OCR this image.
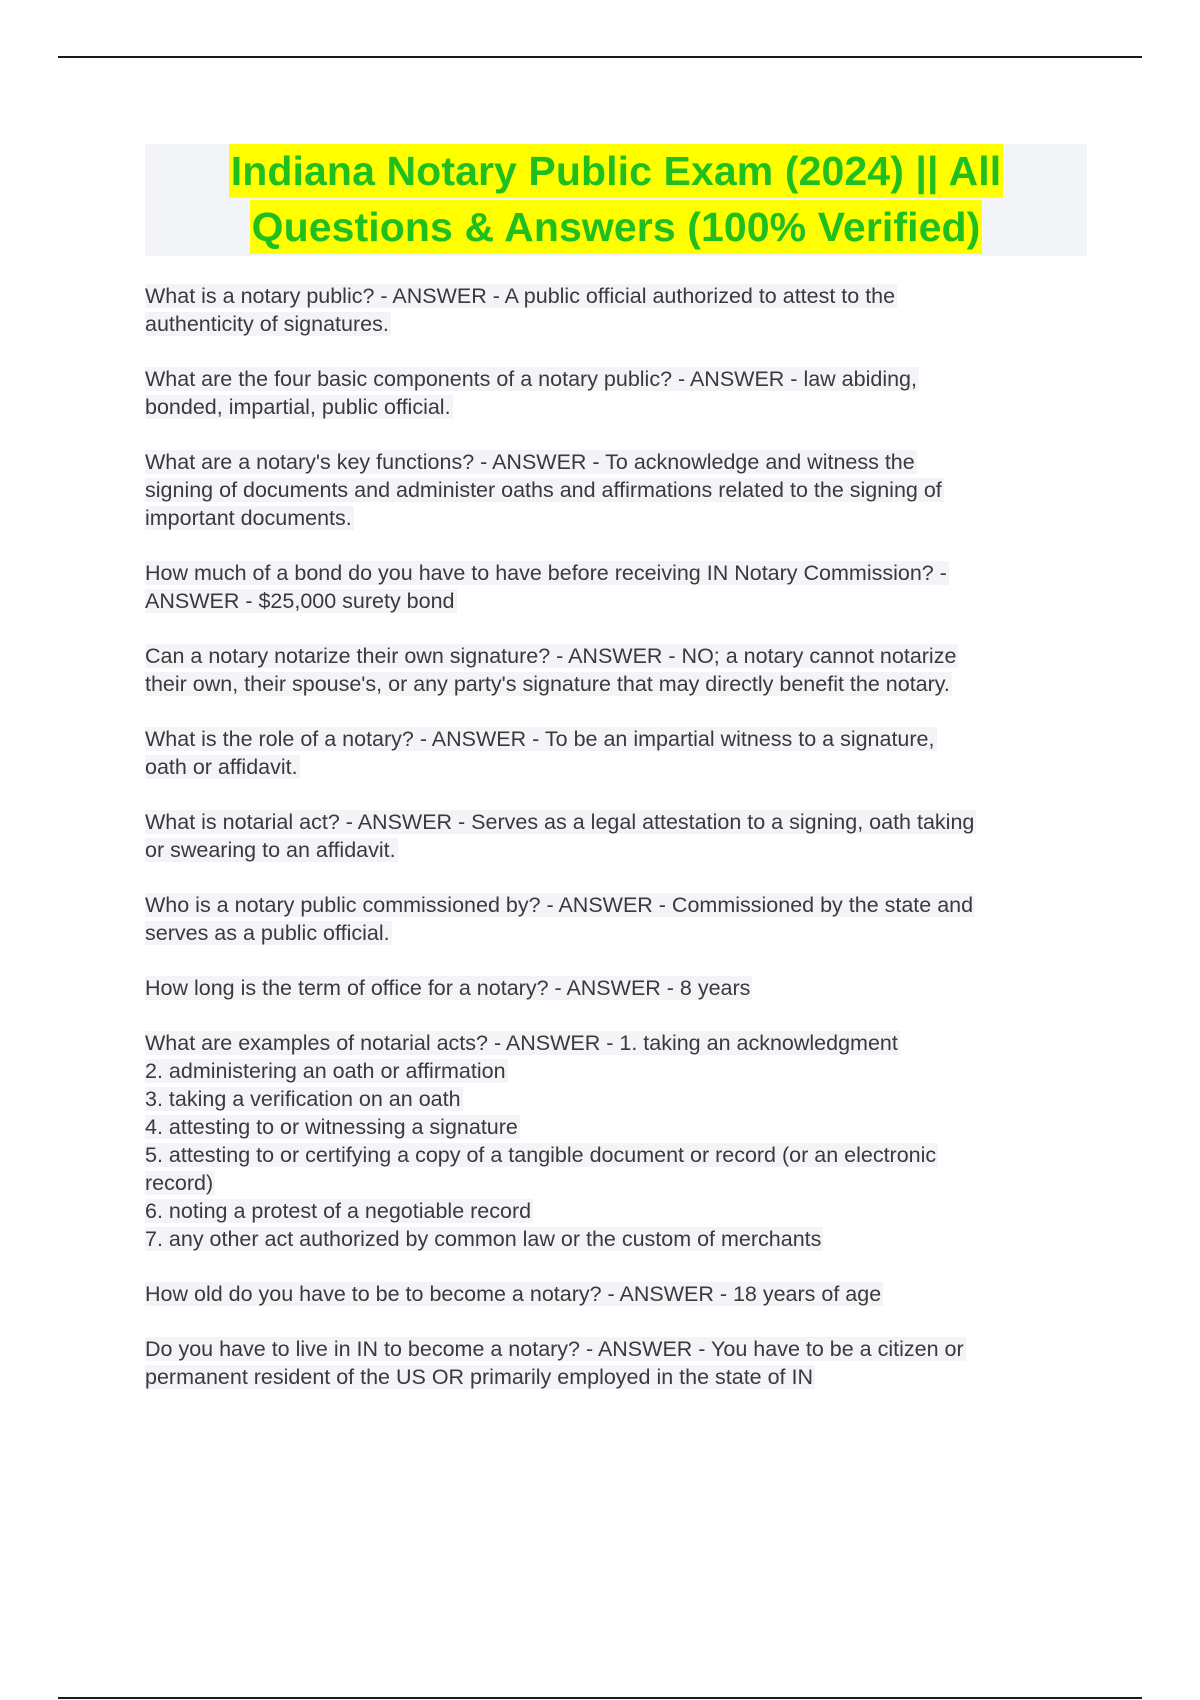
Indiana Notary Public Exam (2024) || All
Questions & Answers (100% Verified)
What is a notary public? - ANSWER - A public official authorized to attest to the
authenticity of signatures.
What are the four basic components of a notary public? - ANSWER - law abiding,
bonded, impartial, public official.
What are a notary's key functions? - ANSWER - To acknowledge and witness the
signing of documents and administer oaths and affirmations related to the signing of
important documents.
How much of a bond do you have to have before receiving IN Notary Commission? -
ANSWER - $25,000 surety bond
Can a notary notarize their own signature? - ANSWER - NO; a notary cannot notarize
their own, their spouse's, or any party's signature that may directly benefit the notary.
What is the role of a notary? - ANSWER - To be an impartial witness to a signature,
oath or affidavit.
What is notarial act? - ANSWER - Serves as a legal attestation to a signing, oath taking
or swearing to an affidavit.
Who is a notary public commissioned by? - ANSWER - Commissioned by the state and
serves as a public official.
How long is the term of office for a notary? - ANSWER - 8 years
What are examples of notarial acts? - ANSWER - 1. taking an acknowledgment
2. administering an oath or affirmation
3. taking a verification on an oath
4. attesting to or witnessing a signature
5. attesting to or certifying a copy of a tangible document or record (or an electronic
record)
6. noting a protest of a negotiable record
7. any other act authorized by common law or the custom of merchants
How old do you have to be to become a notary? - ANSWER - 18 years of age
Do you have to live in IN to become a notary? - ANSWER - You have to be a citizen or
permanent resident of the US OR primarily employed in the state of IN
